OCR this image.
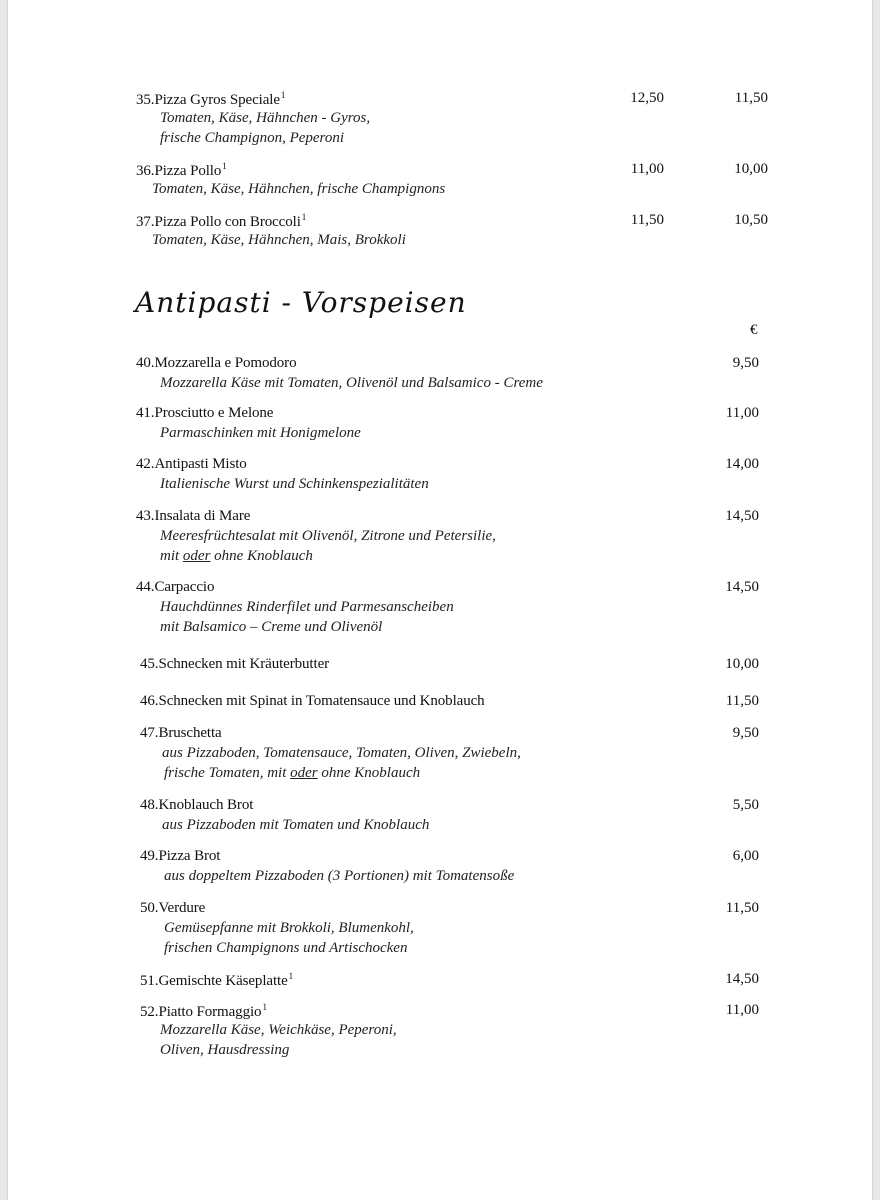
35.Pizza Gyros Speciale$^1$
Tomaten, Käse, Hähnchen - Gyros,
frische Champignon, Peperoni
12,50	11,50
36.Pizza Pollo$^1$
Tomaten, Käse, Hähnchen, frische Champignons
11,00	10,00
37.Pizza Pollo con Broccoli$^1$
Tomaten, Käse, Hähnchen, Mais, Brokkoli
11,50	10,50
Antipasti - Vorspeisen
€
40.Mozzarella e Pomodoro
Mozzarella Käse mit Tomaten, Olivenöl und Balsamico - Creme
9,50
41.Prosciutto e Melone
Parmaschinken mit Honigmelone
11,00
42.Antipasti Misto
Italienische Wurst und Schinkenspezialitäten
14,00
43.Insalata di Mare
Meeresfrüchtesalat mit Olivenöl, Zitrone und Petersilie,
mit oder ohne Knoblauch
14,50
44.Carpaccio
Hauchdünnes Rinderfilet und Parmesanscheiben
mit Balsamico – Creme und Olivenöl
14,50
45.Schnecken mit Kräuterbutter	10,00
46.Schnecken mit Spinat in Tomatensauce und Knoblauch	11,50
47.Bruschetta
aus Pizzaboden, Tomatensauce, Tomaten, Oliven, Zwiebeln,
frische Tomaten, mit oder ohne Knoblauch
9,50
48.Knoblauch Brot
aus Pizzaboden mit Tomaten und Knoblauch
5,50
49.Pizza Brot
aus doppeltem Pizzaboden (3 Portionen) mit Tomatensoße
6,00
50.Verdure
Gemüsepfanne mit Brokkoli, Blumenkohl,
frischen Champignons und Artischocken
11,50
51.Gemischte Käseplatte$^1$	14,50
52.Piatto Formaggio$^1$
Mozzarella Käse, Weichkäse, Peperoni,
Oliven, Hausdressing
11,00
